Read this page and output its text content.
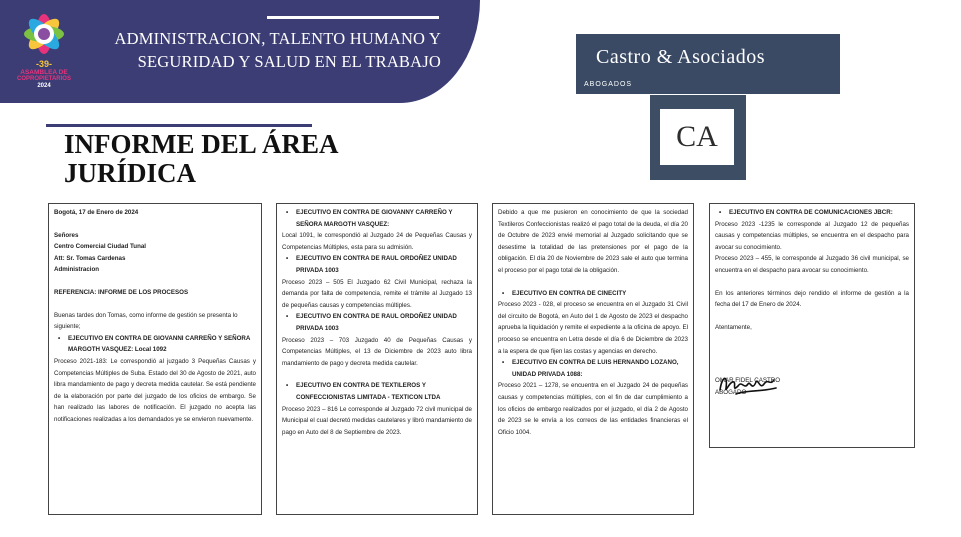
ADMINISTRACION, TALENTO HUMANO Y
SEGURIDAD Y SALUD EN EL TRABAJO
-39-
ASAMBLEA DE
COPROPIETARIOS
2024
INFORME DEL ÁREA
JURÍDICA
Castro & Asociados
ABOGADOS
CA

Bogotá, 17 de Enero de 2024

Señores

Centro Comercial Ciudad Tunal

Att: Sr. Tomas Cardenas

Administracion

REFERENCIA: INFORME DE LOS PROCESOS

Buenas tardes don Tomas, como informe de gestión se presenta lo siguiente;

• EJECUTIVO EN CONTRA DE GIOVANNI CARREÑO Y SEÑORA MARGOTH VASQUEZ: Local 1092

Proceso 2021-183: Le correspondió al juzgado 3 Pequeñas Causas y Competencias Múltiples de Suba. Estado del 30 de Agosto de 2021, auto libra mandamiento de pago y decreta medida cautelar. Se está pendiente de la elaboración por parte del juzgado de los oficios de embargo. Se han realizado las labores de notificación. El juzgado no acepta las notificaciones realizadas a los demandados ye se envieron nuevamente.

• EJECUTIVO EN CONTRA DE GIOVANNY CARREÑO Y SEÑORA MARGOTH VASQUEZ:

Local 1091, le correspondió al Juzgado 24 de Pequeñas Causas y Competencias Múltiples, esta para su admisión.

• EJECUTIVO EN CONTRA DE RAUL ORDOÑEZ UNIDAD PRIVADA 1003

Proceso 2023 – 505 El Juzgado 62 Civil Municipal, rechaza la demanda por falta de competencia, remite el trámite al Juzgado 13 de pequeñas causas y competencias múltiples.

• EJECUTIVO EN CONTRA DE RAUL ORDOÑEZ UNIDAD PRIVADA 1003

Proceso 2023 – 703 Juzgado 40 de Pequeñas Causas y Competencias Múltiples, el 13 de Diciembre de 2023 auto libra mandamiento de pago y decreta medida cautelar.

• EJECUTIVO EN CONTRA DE TEXTILEROS Y CONFECCIONISTAS LIMITADA - TEXTICON LTDA

Proceso 2023 – 816 Le corresponde al Juzgado 72 civil municipal de Municipal el cual decretó medidas cautelares y libró mandamiento de pago en Auto del 8 de Septiembre de 2023.

Debido a que me pusieron en conocimiento de que la sociedad Textileros Confeccionistas realizó el pago total de la deuda, el día 20 de Octubre de 2023 envié memorial al Juzgado solicitando que se desestime la totalidad de las pretensiones por el pago de la obligación. El día 20 de Noviembre de 2023 sale el auto que termina el proceso por el pago total de la obligación.

• EJECUTIVO EN CONTRA DE CINECITY

Proceso 2023 - 028, el proceso se encuentra en el Juzgado 31 Civil del circuito de Bogotá, en Auto del 1 de Agosto de 2023 el despacho aprueba la liquidación y remite el expediente a la oficina de apoyo. El proceso se encuentra en Letra desde el día 6 de Diciembre de 2023 a la espera de que fijen las costas y agencias en derecho.

• EJECUTIVO EN CONTRA DE LUIS HERNANDO LOZANO, UNIDAD PRIVADA 1088:

Proceso 2021 – 1278, se encuentra en el Juzgado 24 de pequeñas causas y competencias múltiples, con el fin de dar cumplimiento a los oficios de embargo realizados por el juzgado, el día 2 de Agosto de 2023 se le envía a los correos de las entidades financieras el Oficio 1004.

• EJECUTIVO EN CONTRA DE COMUNICACIONES JBCR:

Proceso 2023 -1235 le corresponde al Juzgado 12 de pequeñas causas y competencias múltiples, se encuentra en el despacho para avocar su conocimiento.

Proceso 2023 – 455, le corresponde al Juzgado 36 civil municipal, se encuentra en el despacho para avocar su conocimiento.

En los anteriores términos dejo rendido el informe de gestión a la fecha del 17 de Enero de 2024.

Atentamente,

OMAR FIDEL CASTRO

ABOGADO
